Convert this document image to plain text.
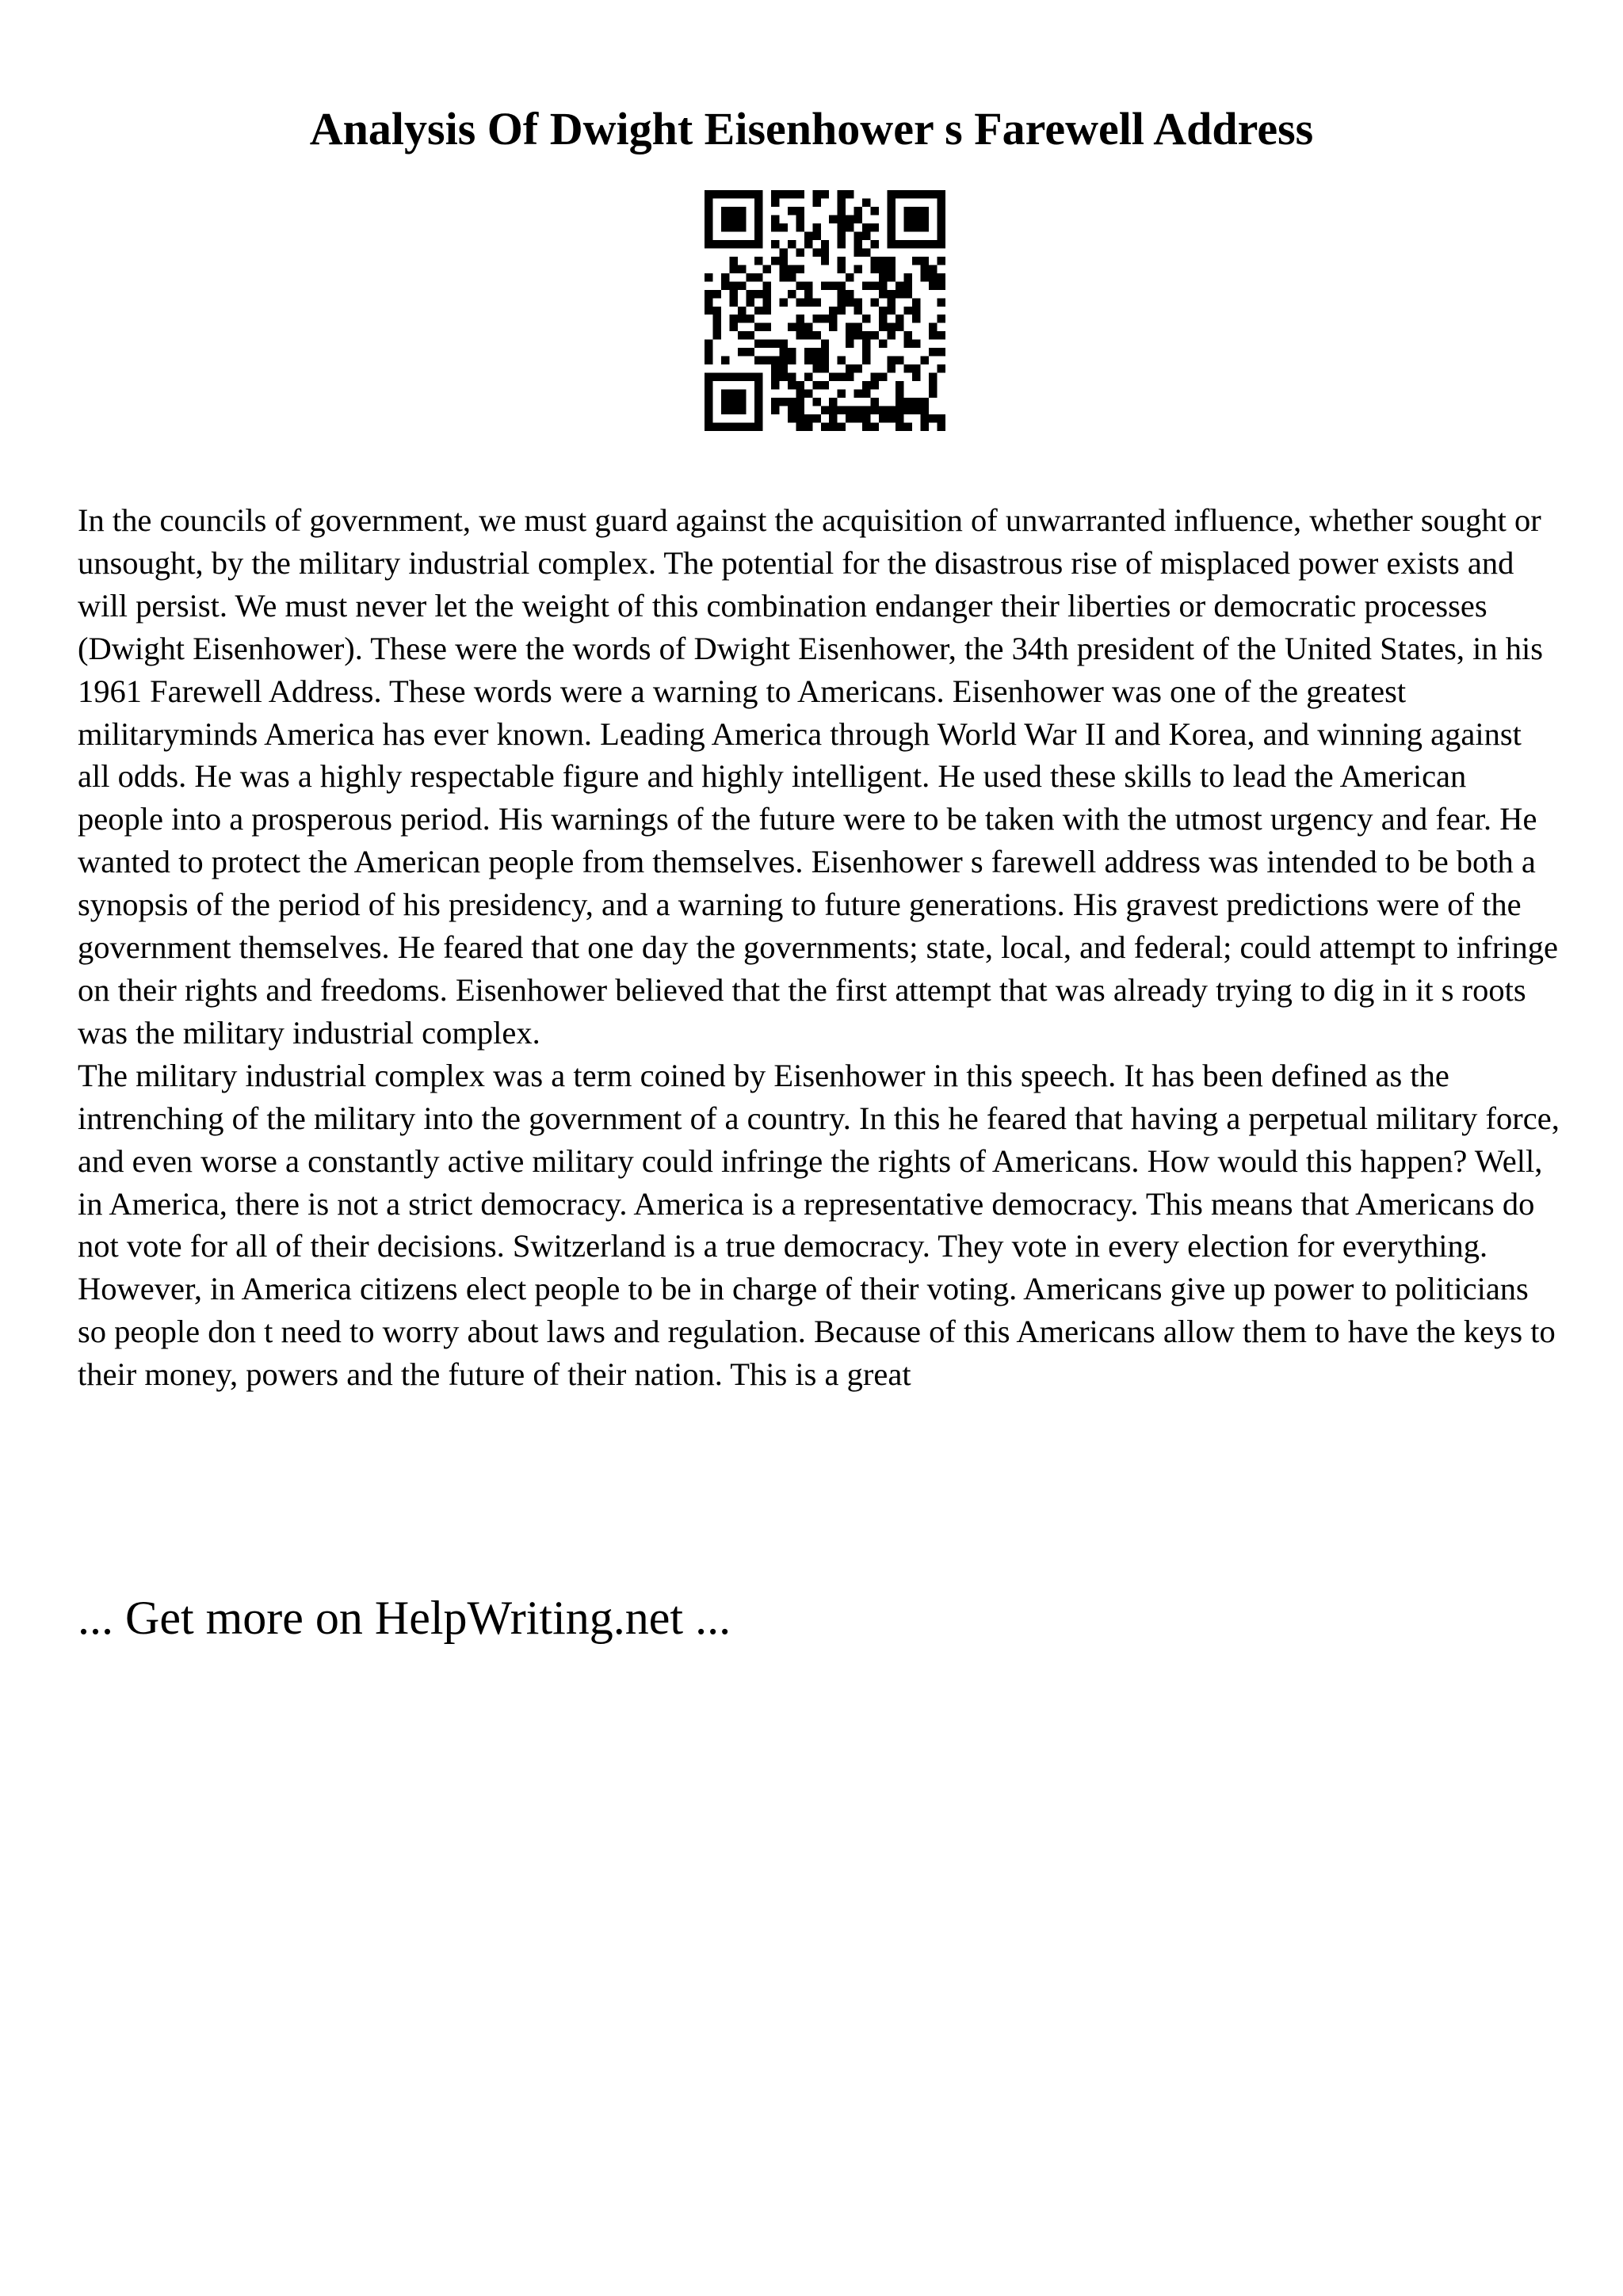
Analysis Of Dwight Eisenhower s Farewell Address

In the councils of government, we must guard against the acquisition of unwarranted influence, whether sought or unsought, by the military industrial complex. The potential for the disastrous rise of misplaced power exists and will persist. We must never let the weight of this combination endanger their liberties or democratic processes (Dwight Eisenhower). These were the words of Dwight Eisenhower, the 34th president of the United States, in his 1961 Farewell Address. These words were a warning to Americans. Eisenhower was one of the greatest militaryminds America has ever known. Leading America through World War II and Korea, and winning against all odds. He was a highly respectable figure and highly intelligent. He used these skills to lead the American people into a prosperous period. His warnings of the future were to be taken with the utmost urgency and fear. He wanted to protect the American people from themselves. Eisenhower s farewell address was intended to be both a synopsis of the period of his presidency, and a warning to future generations. His gravest predictions were of the government themselves. He feared that one day the governments; state, local, and federal; could attempt to infringe on their rights and freedoms. Eisenhower believed that the first attempt that was already trying to dig in it s roots was the military industrial complex.

The military industrial complex was a term coined by Eisenhower in this speech. It has been defined as the intrenching of the military into the government of a country. In this he feared that having a perpetual military force, and even worse a constantly active military could infringe the rights of Americans. How would this happen? Well, in America, there is not a strict democracy. America is a representative democracy. This means that Americans do not vote for all of their decisions. Switzerland is a true democracy. They vote in every election for everything. However, in America citizens elect people to be in charge of their voting. Americans give up power to politicians so people don t need to worry about laws and regulation. Because of this Americans allow them to have the keys to their money, powers and the future of their nation. This is a great

... Get more on HelpWriting.net ...
